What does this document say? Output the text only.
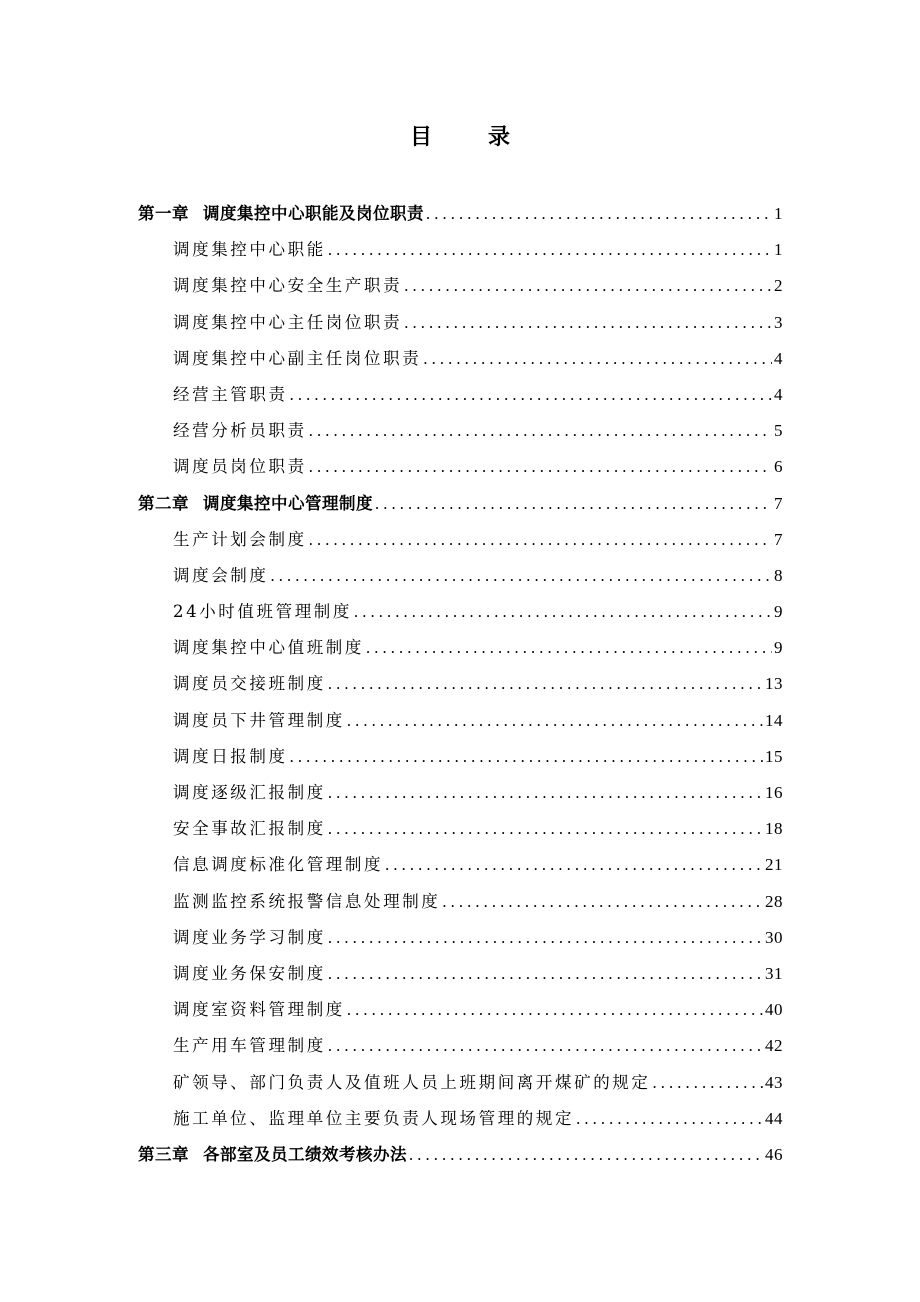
目	录
第一章 调度集控中心职能及岗位职责 . . .	1
调度集控中心职能 . . .	1
调度集控中心安全生产职责 . . .	2
调度集控中心主任岗位职责 . . .	3
调度集控中心副主任岗位职责 . . .	4
经营主管职责 . . .	4
经营分析员职责 . . .	5
调度员岗位职责 . . .	6
第二章 调度集控中心管理制度 . . .	7
生产计划会制度 . . .	7
调度会制度 . . .	8
24小时值班管理制度 . . .	9
调度集控中心值班制度 . . .	9
调度员交接班制度 . . .	13
调度员下井管理制度 . . .	14
调度日报制度 . . .	15
调度逐级汇报制度 . . .	16
安全事故汇报制度 . . .	18
信息调度标准化管理制度 . . .	21
监测监控系统报警信息处理制度 . . .	28
调度业务学习制度 . . .	30
调度业务保安制度 . . .	31
调度室资料管理制度 . . .	40
生产用车管理制度 . . .	42
矿领导、部门负责人及值班人员上班期间离开煤矿的规定 . . .	43
施工单位、监理单位主要负责人现场管理的规定 . . .	44
第三章 各部室及员工绩效考核办法 . . .	46
